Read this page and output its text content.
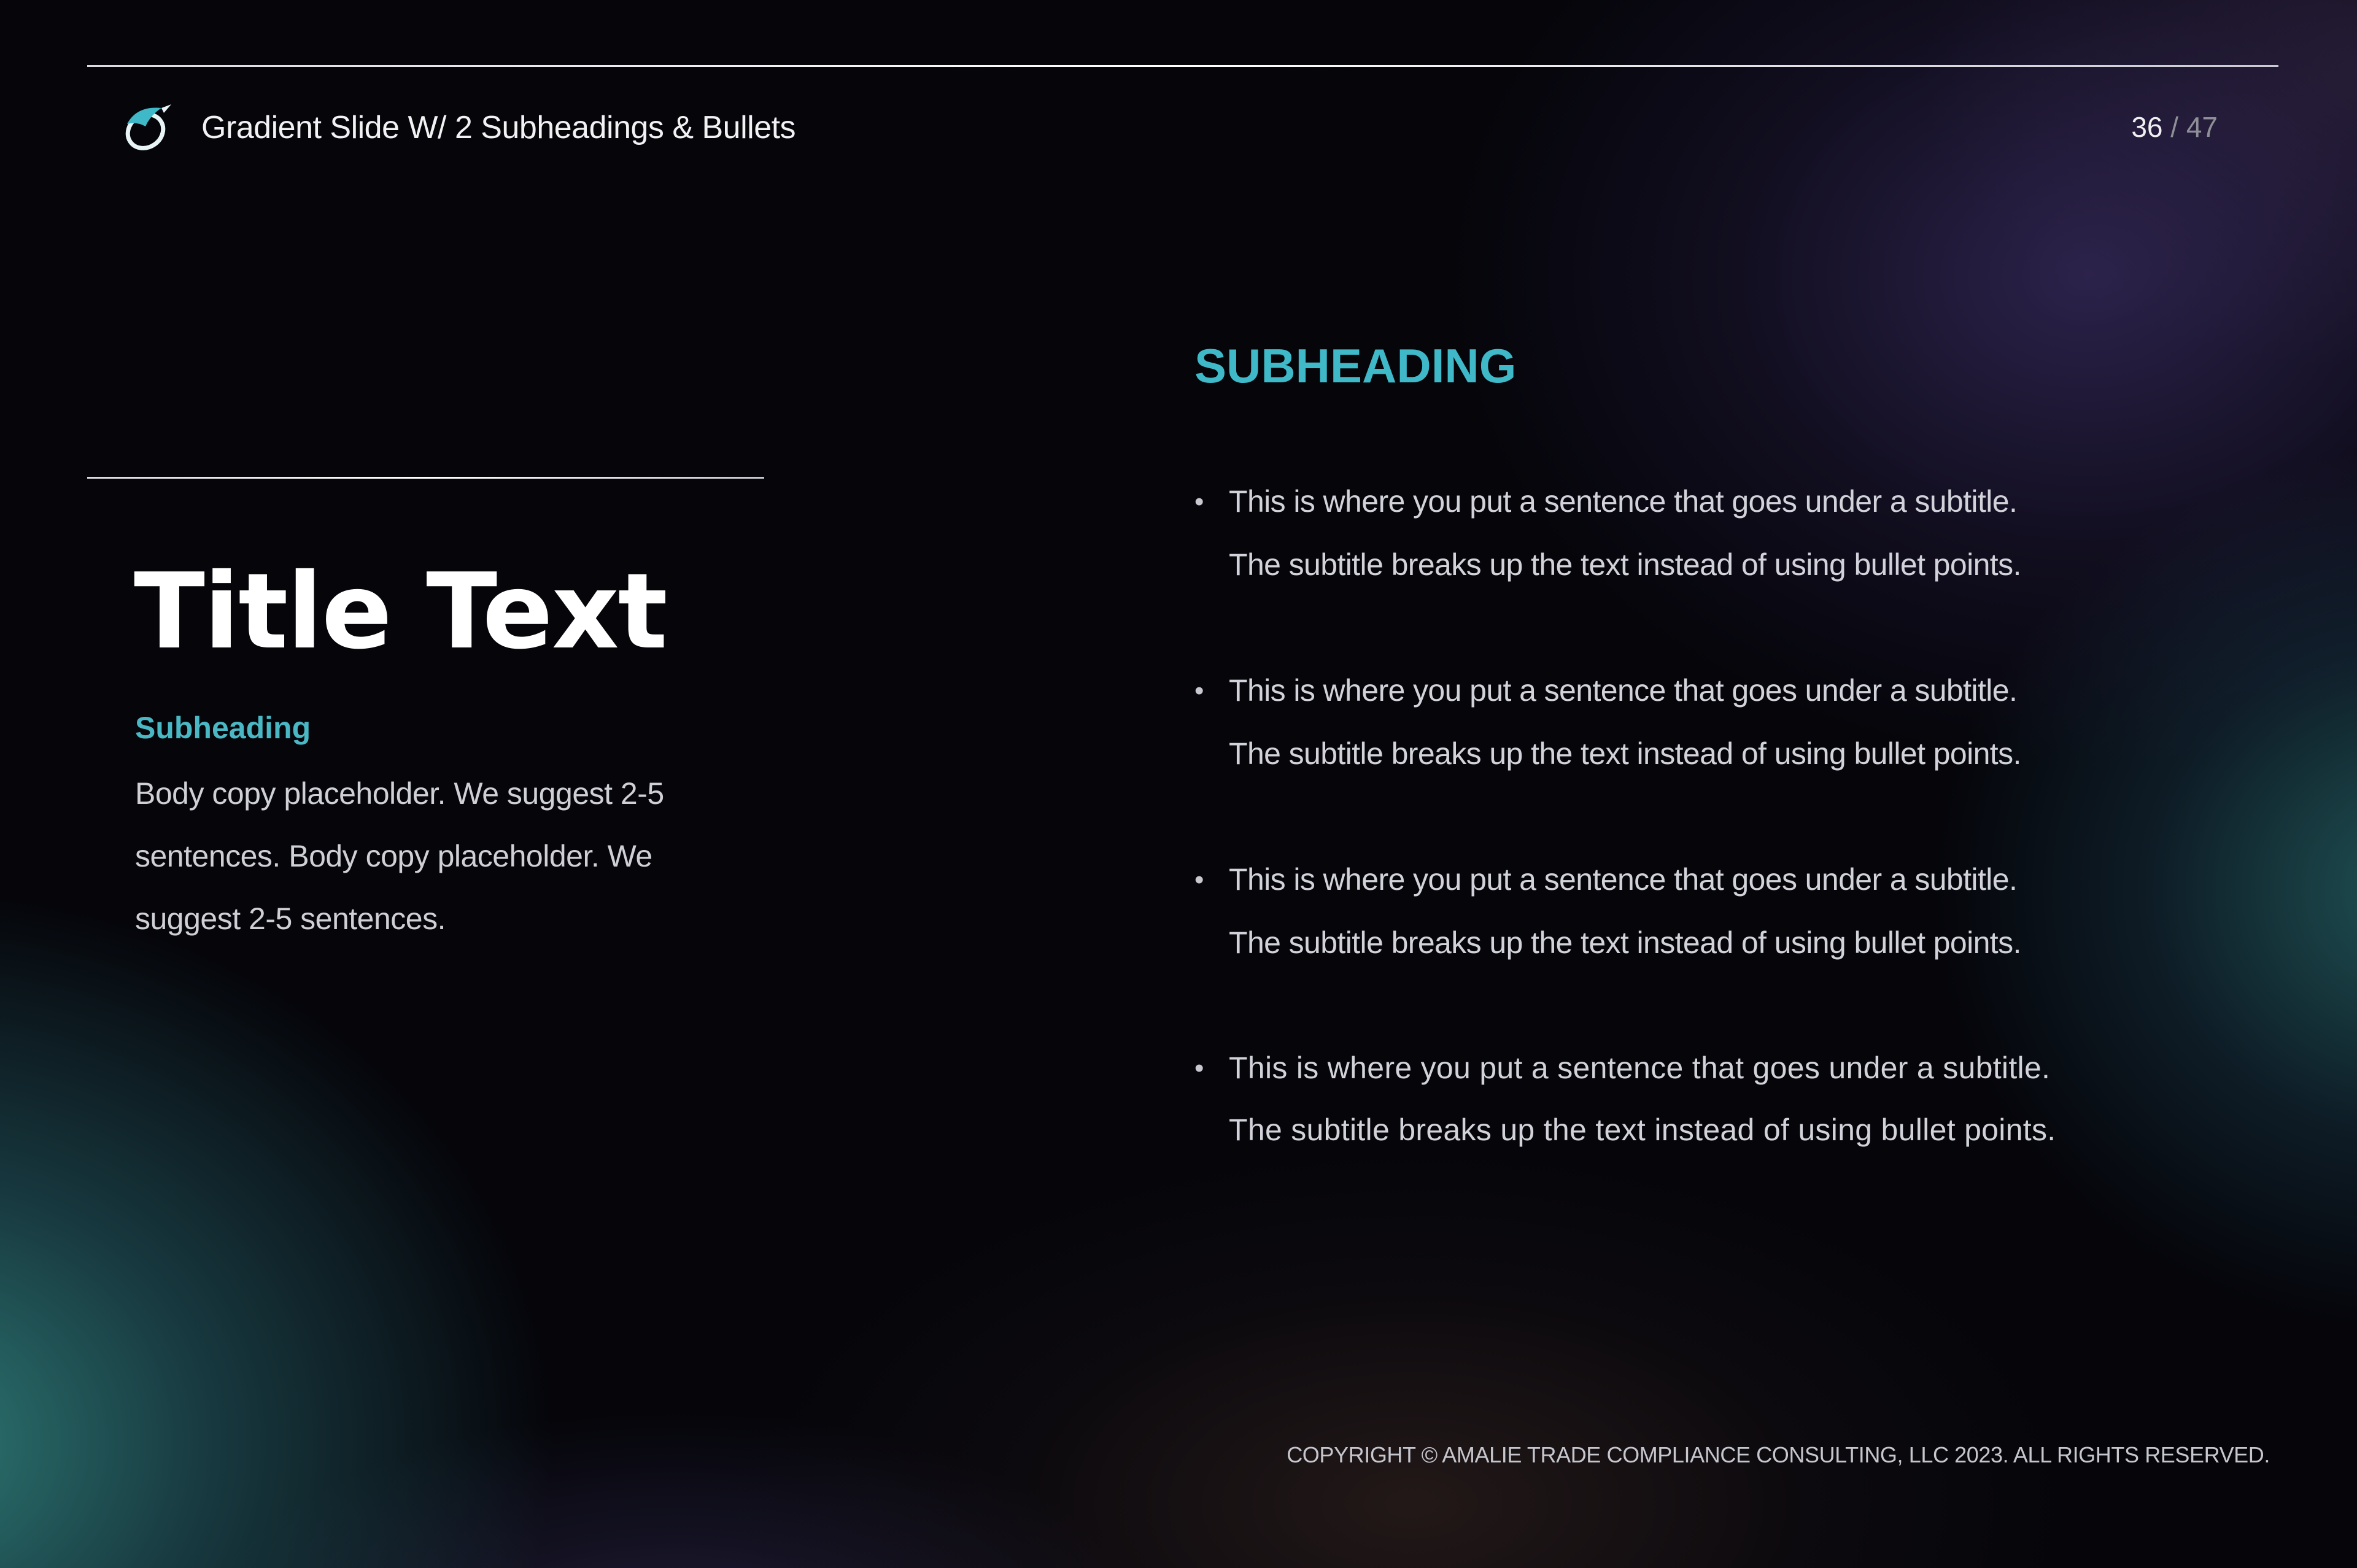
Gradient Slide W/ 2 Subheadings & Bullets	36 / 47
Title Text
Subheading
Body copy placeholder. We suggest 2-5 sentences. Body copy placeholder. We suggest 2-5 sentences.
SUBHEADING
• This is where you put a sentence that goes under a subtitle.
The subtitle breaks up the text instead of using bullet points.
• This is where you put a sentence that goes under a subtitle.
The subtitle breaks up the text instead of using bullet points.
• This is where you put a sentence that goes under a subtitle.
The subtitle breaks up the text instead of using bullet points.
• This is where you put a sentence that goes under a subtitle.
The subtitle breaks up the text instead of using bullet points.
COPYRIGHT © AMALIE TRADE COMPLIANCE CONSULTING, LLC 2023. ALL RIGHTS RESERVED.
